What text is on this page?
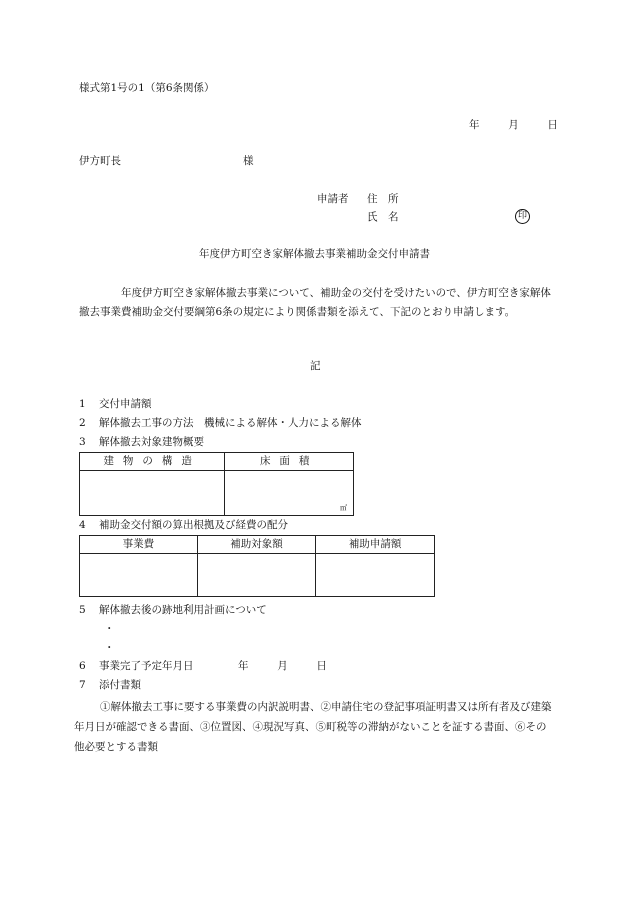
様式第1号の1（第6条関係）
年	月	日
伊方町長	様
申請者 住　所
氏　名	印
年度伊方町空き家解体撤去事業補助金交付申請書
年度伊方町空き家解体撤去事業について、補助金の交付を受けたいので、伊方町空き家解体撤去事業費補助金交付要綱第6条の規定により関係書類を添えて、下記のとおり申請します。
記
1 交付申請額
2 解体撤去工事の方法　機械による解体・人力による解体
3 解体撤去対象建物概要
建物の構造	床面積

	㎡
4 補助金交付額の算出根拠及び経費の配分
事業費	補助対象額	補助申請額

5 解体撤去後の跡地利用計画について
・
・
6 事業完了予定年月日	年	月	日
7 添付書類
①解体撤去工事に要する事業費の内訳説明書、②申請住宅の登記事項証明書又は所有者及び建築年月日が確認できる書面、③位置図、④現況写真、⑤町税等の滞納がないことを証する書面、⑥その他必要とする書類
